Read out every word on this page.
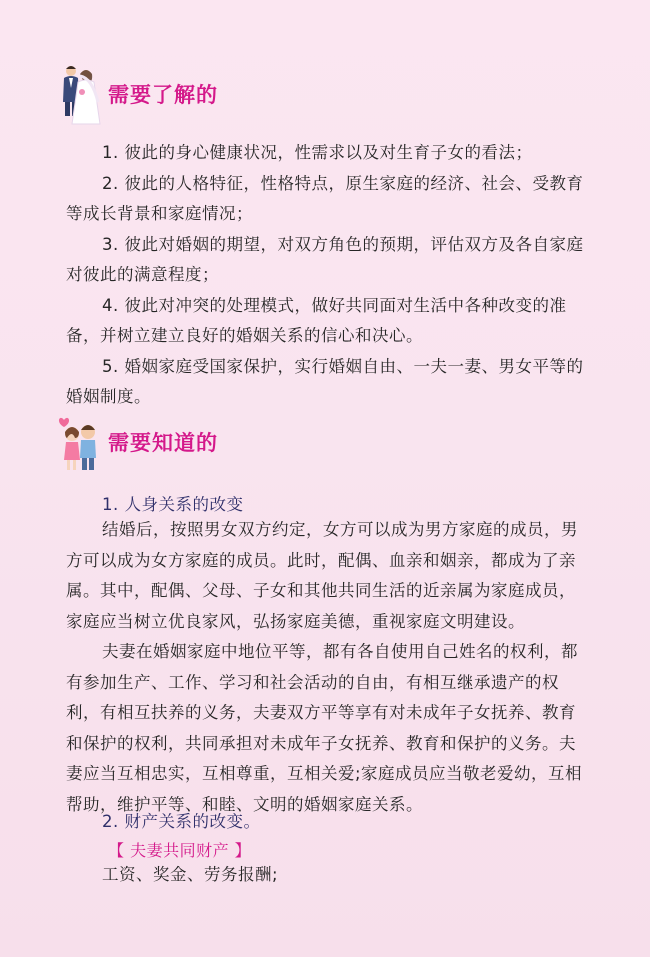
需要了解的

1. 彼此的身心健康状况，性需求以及对生育子女的看法；

2. 彼此的人格特征，性格特点，原生家庭的经济、社会、受教育等成长背景和家庭情况；

3. 彼此对婚姻的期望，对双方角色的预期，评估双方及各自家庭对彼此的满意程度；

4. 彼此对冲突的处理模式，做好共同面对生活中各种改变的准备，并树立建立良好的婚姻关系的信心和决心。

5. 婚姻家庭受国家保护，实行婚姻自由、一夫一妻、男女平等的婚姻制度。

需要知道的
1. 人身关系的改变

结婚后，按照男女双方约定，女方可以成为男方家庭的成员，男方可以成为女方家庭的成员。此时，配偶、血亲和姻亲，都成为了亲属。其中，配偶、父母、子女和其他共同生活的近亲属为家庭成员，家庭应当树立优良家风，弘扬家庭美德，重视家庭文明建设。

夫妻在婚姻家庭中地位平等，都有各自使用自己姓名的权利，都有参加生产、工作、学习和社会活动的自由，有相互继承遗产的权利，有相互扶养的义务，夫妻双方平等享有对未成年子女抚养、教育和保护的权利，共同承担对未成年子女抚养、教育和保护的义务。夫妻应当互相忠实，互相尊重，互相关爱;家庭成员应当敬老爱幼，互相帮助，维护平等、和睦、文明的婚姻家庭关系。

2. 财产关系的改变。
【 夫妻共同财产 】

工资、奖金、劳务报酬;
